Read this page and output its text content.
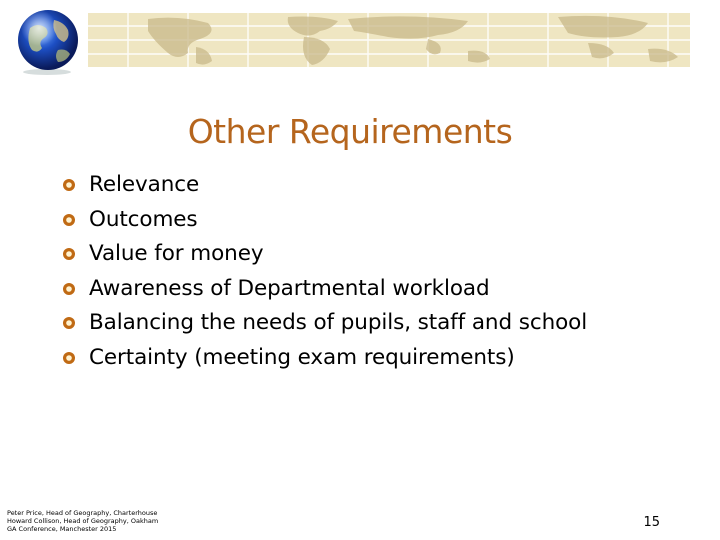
Other Requirements
Relevance
Outcomes
Value for money
Awareness of Departmental workload
Balancing the needs of pupils, staff and school
Certainty (meeting exam requirements)
Peter Price, Head of Geography, Charterhouse
Howard Collison, Head of Geography, Oakham
GA Conference, Manchester 2015	15
